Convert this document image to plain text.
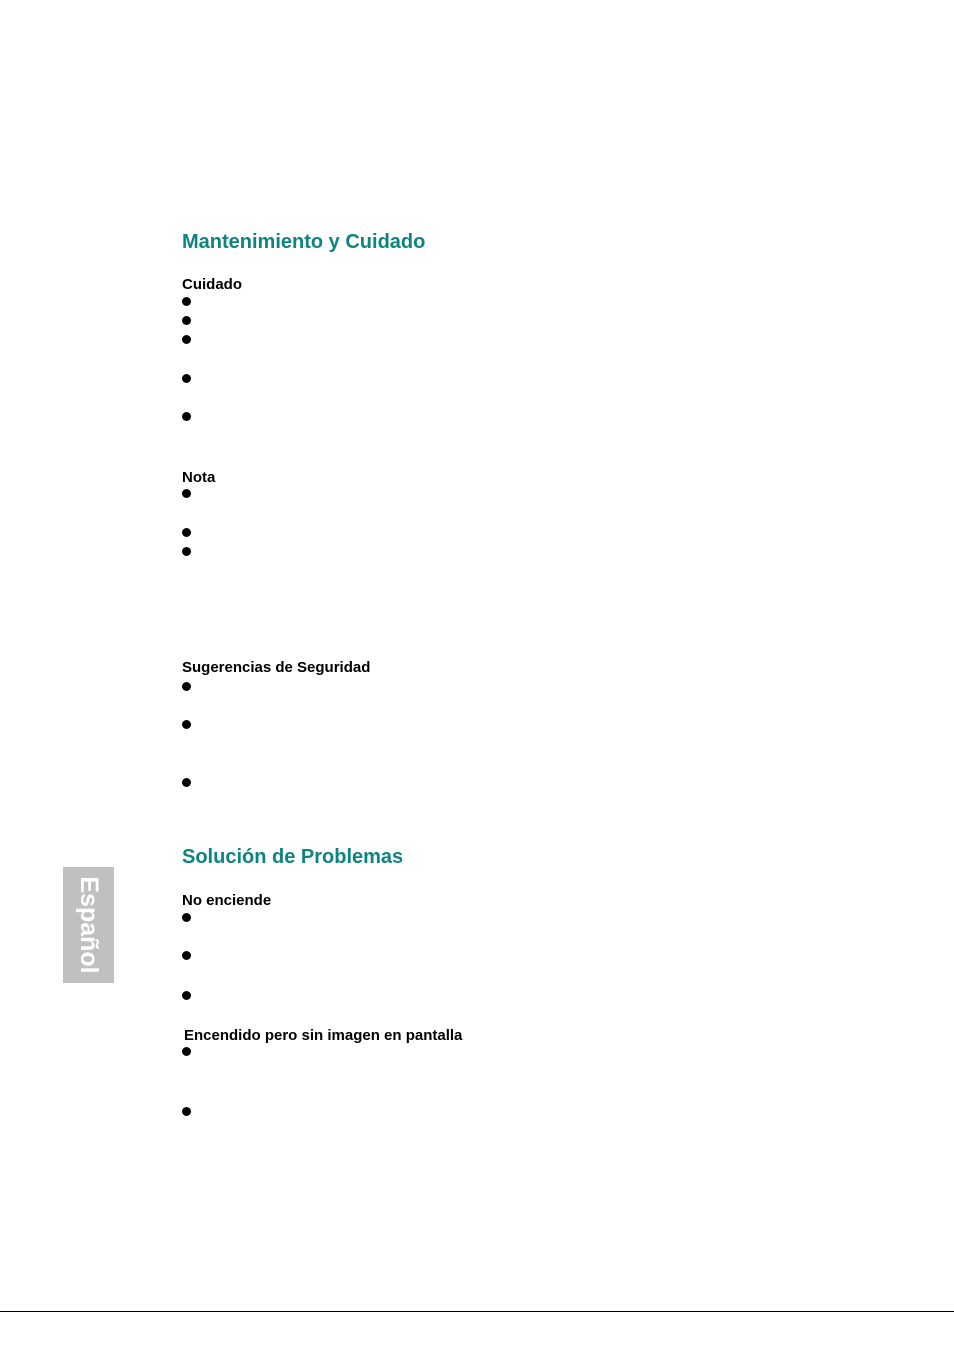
Mantenimiento y Cuidado
Cuidado
Nota
Sugerencias de Seguridad
Solución de Problemas
No enciende
Encendido pero sin imagen en pantalla
Español
